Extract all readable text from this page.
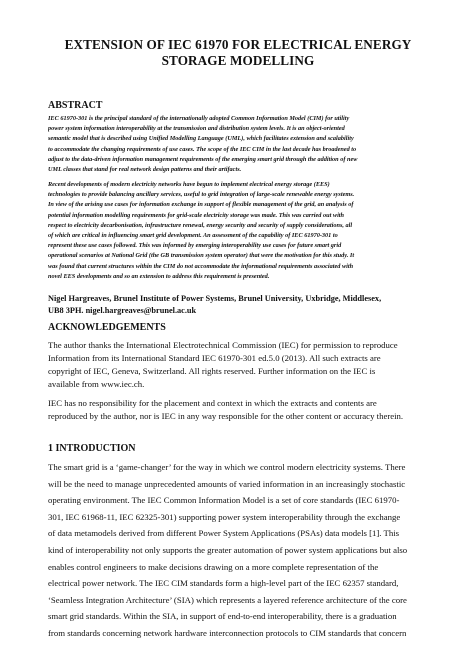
EXTENSION OF IEC 61970 FOR ELECTRICAL ENERGY
STORAGE MODELLING
ABSTRACT
IEC 61970-301 is the principal standard of the internationally adopted Common Information Model (CIM) for utility
power system information interoperability at the transmission and distribution system levels. It is an object-oriented
semantic model that is described using Unified Modelling Language (UML), which facilitates extension and scalability
to accommodate the changing requirements of use cases. The scope of the IEC CIM in the last decade has broadened to
adjust to the data-driven information management requirements of the emerging smart grid through the addition of new
UML classes that stand for real network design patterns and their artifacts.
Recent developments of modern electricity networks have begun to implement electrical energy storage (EES)
technologies to provide balancing ancillary services, useful to grid integration of large-scale renewable energy systems.
In view of the arising use cases for information exchange in support of flexible management of the grid, an analysis of
potential information modelling requirements for grid-scale electricity storage was made. This was carried out with
respect to electricity decarbonisation, infrastructure renewal, energy security and security of supply considerations, all
of which are critical in influencing smart grid development. An assessment of the capability of IEC 61970-301 to
represent these use cases followed. This was informed by emerging interoperability use cases for future smart grid
operational scenarios at National Grid (the GB transmission system operator) that were the motivation for this study. It
was found that current structures within the CIM do not accommodate the informational requirements associated with
novel EES developments and so an extension to address this requirement is presented.
Nigel Hargreaves, Brunel Institute of Power Systems, Brunel University, Uxbridge, Middlesex,
UB8 3PH. nigel.hargreaves@brunel.ac.uk
ACKNOWLEDGEMENTS
The author thanks the International Electrotechnical Commission (IEC) for permission to reproduce
Information from its International Standard IEC 61970-301 ed.5.0 (2013). All such extracts are
copyright of IEC, Geneva, Switzerland. All rights reserved. Further information on the IEC is
available from www.iec.ch.
IEC has no responsibility for the placement and context in which the extracts and contents are
reproduced by the author, nor is IEC in any way responsible for the other content or accuracy therein.
1 INTRODUCTION
The smart grid is a ‘game-changer’ for the way in which we control modern electricity systems. There
will be the need to manage unprecedented amounts of varied information in an increasingly stochastic
operating environment. The IEC Common Information Model is a set of core standards (IEC 61970-
301, IEC 61968-11, IEC 62325-301) supporting power system interoperability through the exchange
of data metamodels derived from different Power System Applications (PSAs) data models [1]. This
kind of interoperability not only supports the greater automation of power system applications but also
enables control engineers to make decisions drawing on a more complete representation of the
electrical power network. The IEC CIM standards form a high-level part of the IEC 62357 standard,
‘Seamless Integration Architecture’ (SIA) which represents a layered reference architecture of the core
smart grid standards. Within the SIA, in support of end-to-end interoperability, there is a graduation
from standards concerning network hardware interconnection protocols to CIM standards that concern
